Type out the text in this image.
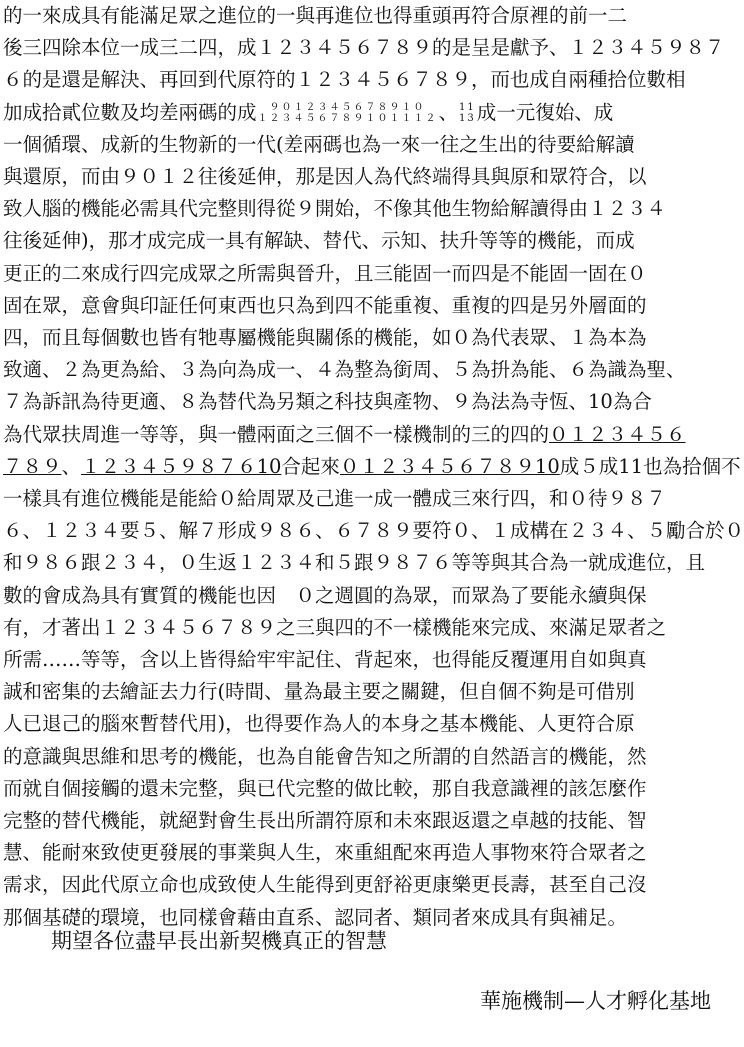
的一來成具有能滿足眾之進位的一與再進位也得重頭再符合原裡的前一二
後三四除本位一成三二四，成１２３４５６７８９的是呈是獻予、１２３４５９８７
６的是還是解決、再回到代原符的１２３４５６７８９，而也成自兩種拾位數相
加成拾貳位數及均差兩碼的成	９０１２３４５６７８９１０
１２３４５６７８９１０１１１２ 、 11
13 成一元復始、成
一個循環、成新的生物新的一代(差兩碼也為一來一往之生出的待要給解讀
與還原，而由９０１２往後延伸，那是因人為代終端得具與原和眾符合，以
致人腦的機能必需具代完整則得從９開始，不像其他生物給解讀得由１２３４
往後延伸)，那才成完成一具有解缺、替代、示知、扶升等等的機能，而成
更正的二來成行四完成眾之所需與晉升，且三能固一而四是不能固一固在０
固在眾，意會與印証任何東西也只為到四不能重複、重複的四是另外層面的
四，而且每個數也皆有牠專屬機能與關係的機能，如０為代表眾、１為本為
致適、２為更為給、３為向為成一、４為整為銜周、５為抍為能、６為識為聖、
７為訴訊為待更適、８為替代為另類之科技與產物、９為法為寺恆、10為合
為代眾扶周進一等等，與一體兩面之三個不一樣機制的三的四的０１２３４５６
７８９、１２３４５９８７６10合起來０１２３４５６７８９10成５成11也為拾個不
一樣具有進位機能是能給０給周眾及己進一成一體成三來行四，和０待９８７
６、１２３４要５、解７形成９８６、６７８９要符０、１成構在２３４、５勵合於０
和９８６跟２３４，０生返１２３４和５跟９８７６等等與其合為一就成進位，且
數的會成為具有實質的機能也因　０之週圓的為眾，而眾為了要能永續與保
有，才著出１２３４５６７８９之三與四的不一樣機能來完成、來滿足眾者之
所需……等等，含以上皆得給牢牢記住、背起來，也得能反覆運用自如與真
誠和密集的去繪証去力行(時間、量為最主要之關鍵，但自個不夠是可借別
人已退己的腦來暫替代用)，也得要作為人的本身之基本機能、人更符合原
的意識與思維和思考的機能，也為自能會告知之所謂的自然語言的機能，然
而就自個接觸的還未完整，與已代完整的做比較，那自我意識裡的該怎麼作
完整的替代機能，就絕對會生長出所謂符原和未來跟返還之卓越的技能、智
慧、能耐來致使更發展的事業與人生，來重組配來再造人事物來符合眾者之
需求，因此代原立命也成致使人生能得到更舒裕更康樂更長壽，甚至自己沒
那個基礎的環境，也同樣會藉由直系、認同者、類同者來成具有與補足。
期望各位盡早長出新契機真正的智慧
華施機制—人才孵化基地
